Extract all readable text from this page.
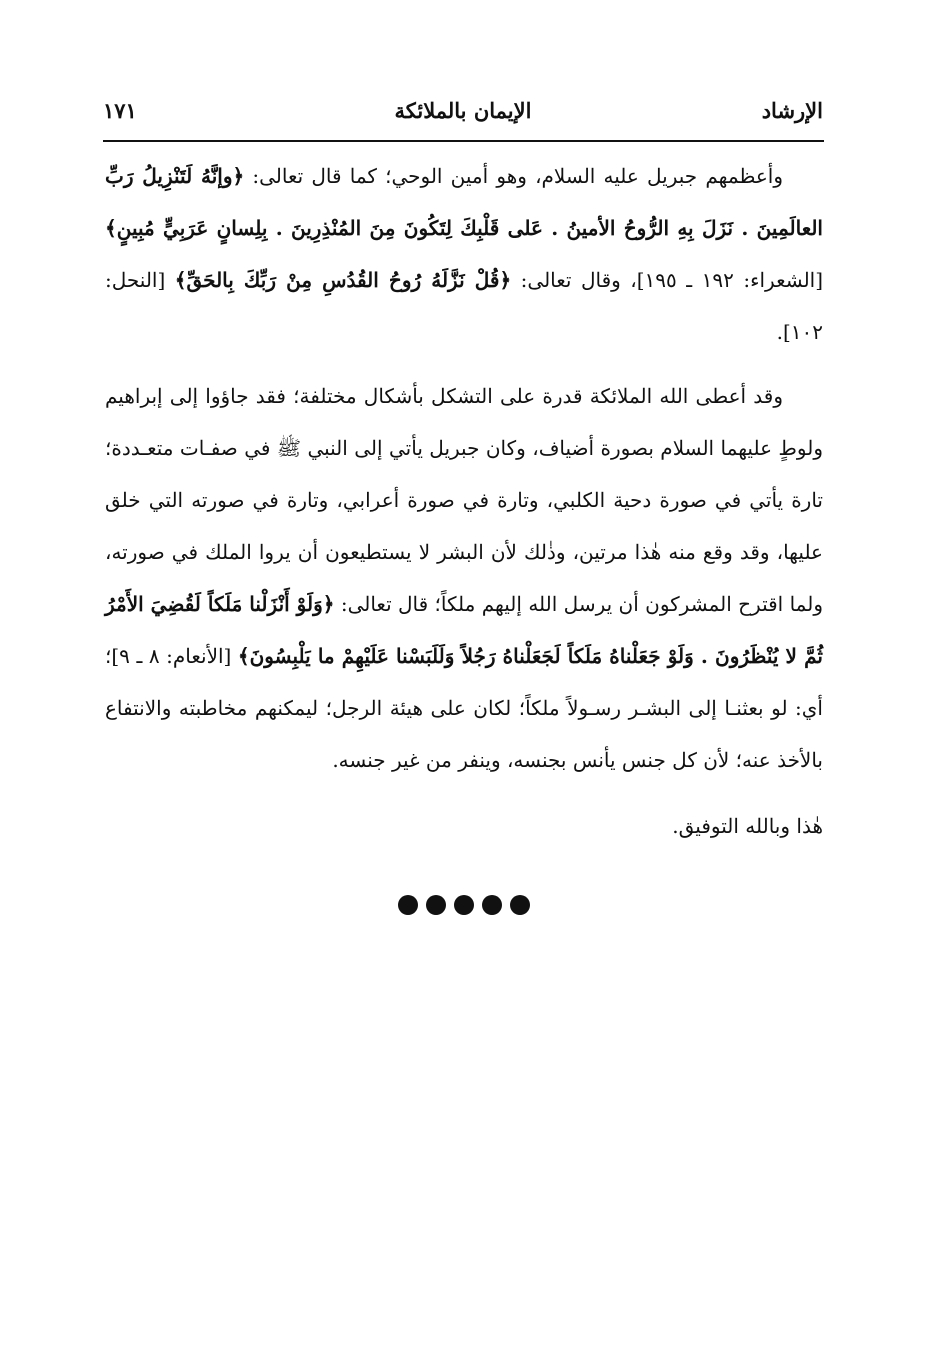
الإرشاد
الإيمان بالملائكة
١٧١

وأعظمهم جبريل عليه السلام، وهو أمين الوحي؛ كما قال تعالى: ﴿وإنَّهُ لَتَنْزِيلُ رَبِّ العالَمِينَ . نَزَلَ بِهِ الرُّوحُ الأمينُ . عَلى قَلْبِكَ لِتَكُونَ مِنَ المُنْذِرِينَ . بِلِسانٍ عَرَبِيٍّ مُبِينٍ﴾ [الشعراء: ١٩٢ ـ ١٩٥]، وقال تعالى: ﴿قُلْ نَزَّلَهُ رُوحُ القُدُسِ مِنْ رَبِّكَ بِالحَقِّ﴾ [النحل: ١٠٢].

وقد أعطى الله الملائكة قدرة على التشكل بأشكال مختلفة؛ فقد جاؤوا إلى إبراهيم ولوطٍ عليهما السلام بصورة أضياف، وكان جبريل يأتي إلى النبي ﷺ في صفـات متعـددة؛ تارة يأتي في صورة دحية الكلبي، وتارة في صورة أعرابي، وتارة في صورته التي خلق عليها، وقد وقع منه هٰذا مرتين، وذٰلك لأن البشر لا يستطيعون أن يروا الملك في صورته، ولما اقترح المشركون أن يرسل الله إليهم ملكاً؛ قال تعالى: ﴿وَلَوْ أَنْزَلْنا مَلَكاً لَقُضِيَ الأَمْرُ ثُمَّ لا يُنْظَرُونَ . وَلَوْ جَعَلْناهُ مَلَكاً لَجَعَلْناهُ رَجُلاً وَلَلَبَسْنا عَلَيْهِمْ ما يَلْبِسُونَ﴾ [الأنعام: ٨ ـ ٩]؛ أي: لو بعثنـا إلى البشـر رسـولاً ملكاً؛ لكان على هيئة الرجل؛ ليمكنهم مخاطبته والانتفاع بالأخذ عنه؛ لأن كل جنس يأنس بجنسه، وينفر من غير جنسه.

هٰذا وبالله التوفيق.
